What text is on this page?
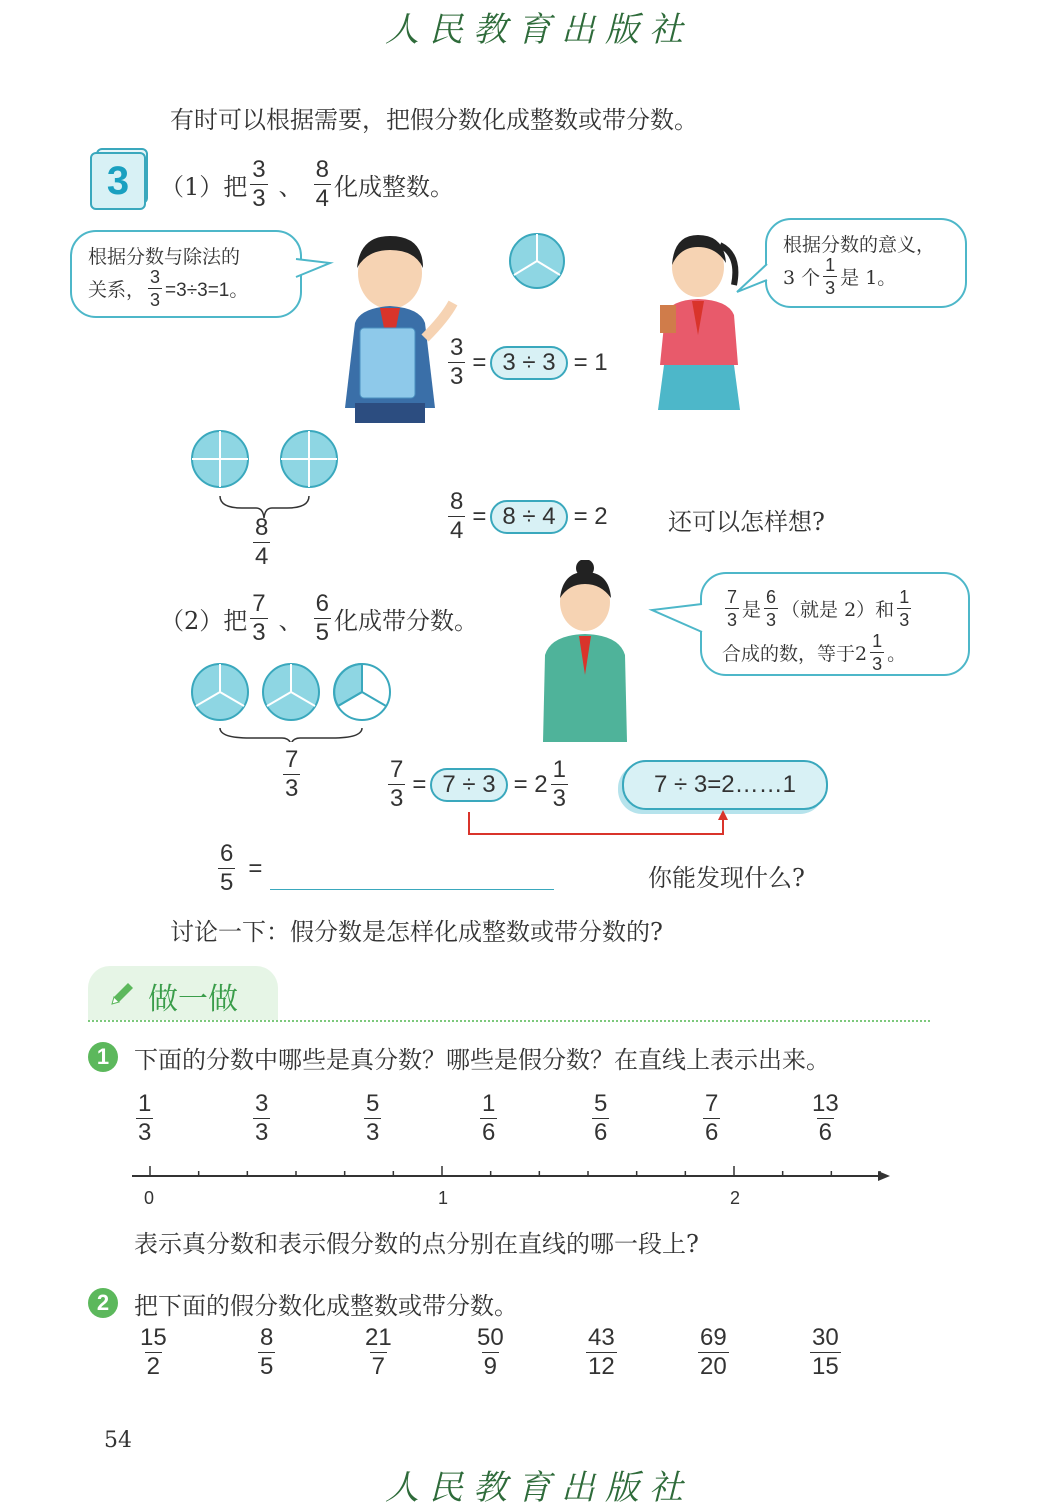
人民教育出版社
有时可以根据需要，把假分数化成整数或带分数。
3	（1）把 $\frac{3}{3}$ 、 $\frac{8}{4}$ 化成整数。
根据分数与除法的
关系， $\frac{3}{3} =3\div 3=1$。
$\frac{3}{3} = 3 \div 3 = 1$
根据分数的意义，
3 个 $\frac{1}{3}$ 是 1。
$\frac{8}{4}$	$\frac{8}{4} = 8 \div 4 = 2$	还可以怎样想?
（2）把 $\frac{7}{3}$ 、 $\frac{6}{5}$ 化成带分数。	$\frac{7}{3}$ 是 $\frac{6}{3}$ （就是 2）和 $\frac{1}{3}$
合成的数，等于$2 \frac{1}{3}$ 。
$\frac{7}{3}$	$\frac{7}{3} = 7 \div 3 = 2 \frac{1}{3}$	7 ÷ 3=2……1
$\frac{6}{5}$ =	你能发现什么?
讨论一下：假分数是怎样化成整数或带分数的?
做一做
1	下面的分数中哪些是真分数？哪些是假分数？在直线上表示出来。
$\frac{1}{3}$	$\frac{3}{3}$	$\frac{5}{3}$	$\frac{1}{6}$	$\frac{5}{6}$	$\frac{7}{6}$	$\frac{13}{6}$
0	1	2
表示真分数和表示假分数的点分别在直线的哪一段上?
2	把下面的假分数化成整数或带分数。
$\frac{15}{2}$	$\frac{8}{5}$	$\frac{21}{7}$	$\frac{50}{9}$	$\frac{43}{12}$	$\frac{69}{20}$	$\frac{30}{15}$
54
人民教育出版社
